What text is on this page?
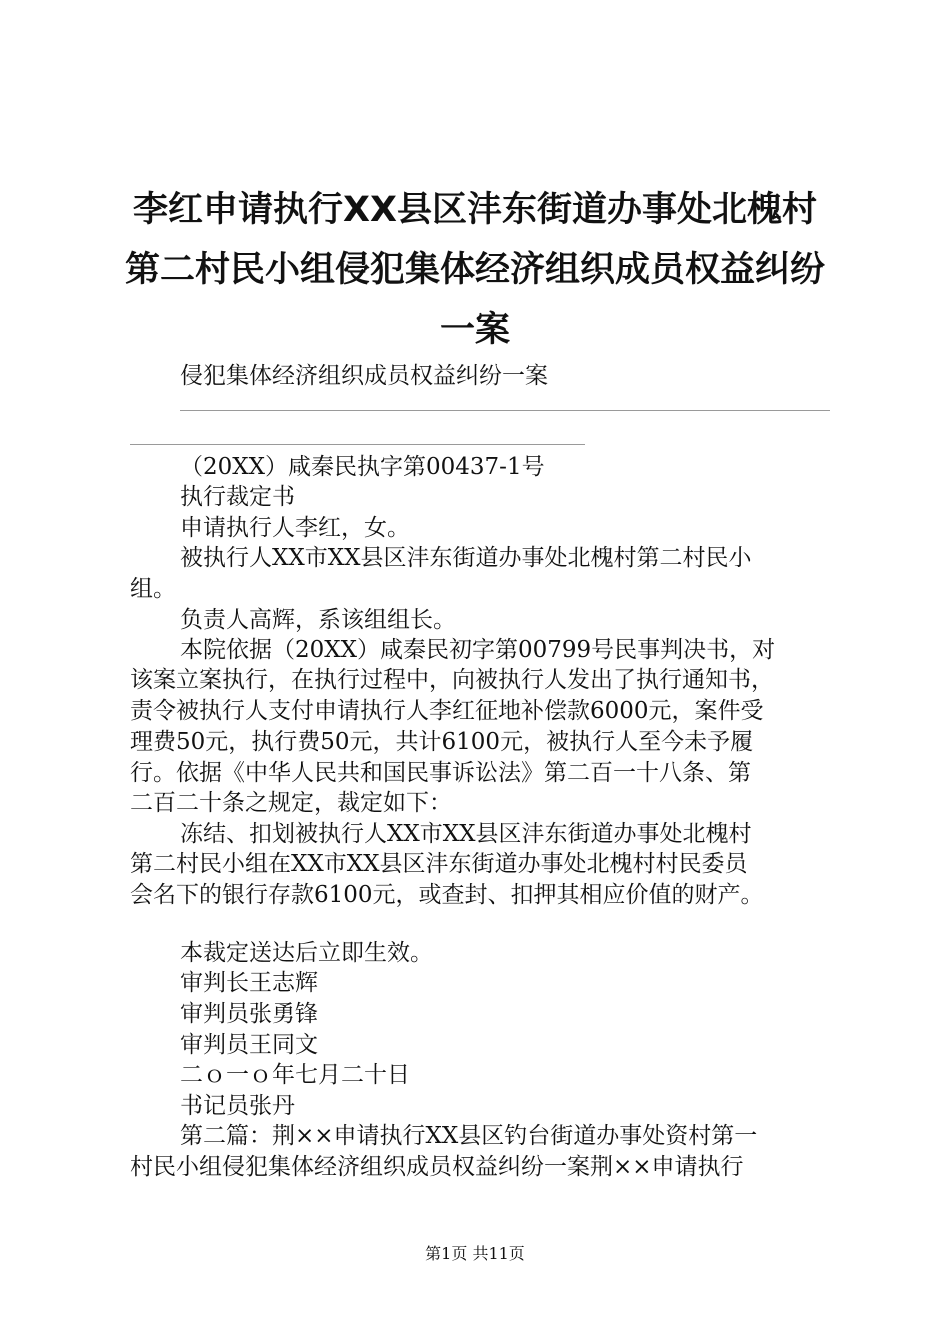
李红申请执行XX县区沣东街道办事处北槐村
第二村民小组侵犯集体经济组织成员权益纠纷
一案
侵犯集体经济组织成员权益纠纷一案
（20XX）咸秦民执字第00437-1号
执行裁定书
申请执行人李红，女。
被执行人XX市XX县区沣东街道办事处北槐村第二村民小
组。
负责人高辉，系该组组长。
本院依据（20XX）咸秦民初字第00799号民事判决书，对
该案立案执行，在执行过程中，向被执行人发出了执行通知书，
责令被执行人支付申请执行人李红征地补偿款6000元，案件受
理费50元，执行费50元，共计6100元，被执行人至今未予履
行。依据《中华人民共和国民事诉讼法》第二百一十八条、第
二百二十条之规定，裁定如下：
冻结、扣划被执行人XX市XX县区沣东街道办事处北槐村
第二村民小组在XX市XX县区沣东街道办事处北槐村村民委员
会名下的银行存款6100元，或查封、扣押其相应价值的财产。
本裁定送达后立即生效。
审判长王志辉
审判员张勇锋
审判员王同文
二ｏ一ｏ年七月二十日
书记员张丹
第二篇：荆××申请执行XX县区钓台街道办事处资村第一
村民小组侵犯集体经济组织成员权益纠纷一案荆××申请执行
第1页 共11页
